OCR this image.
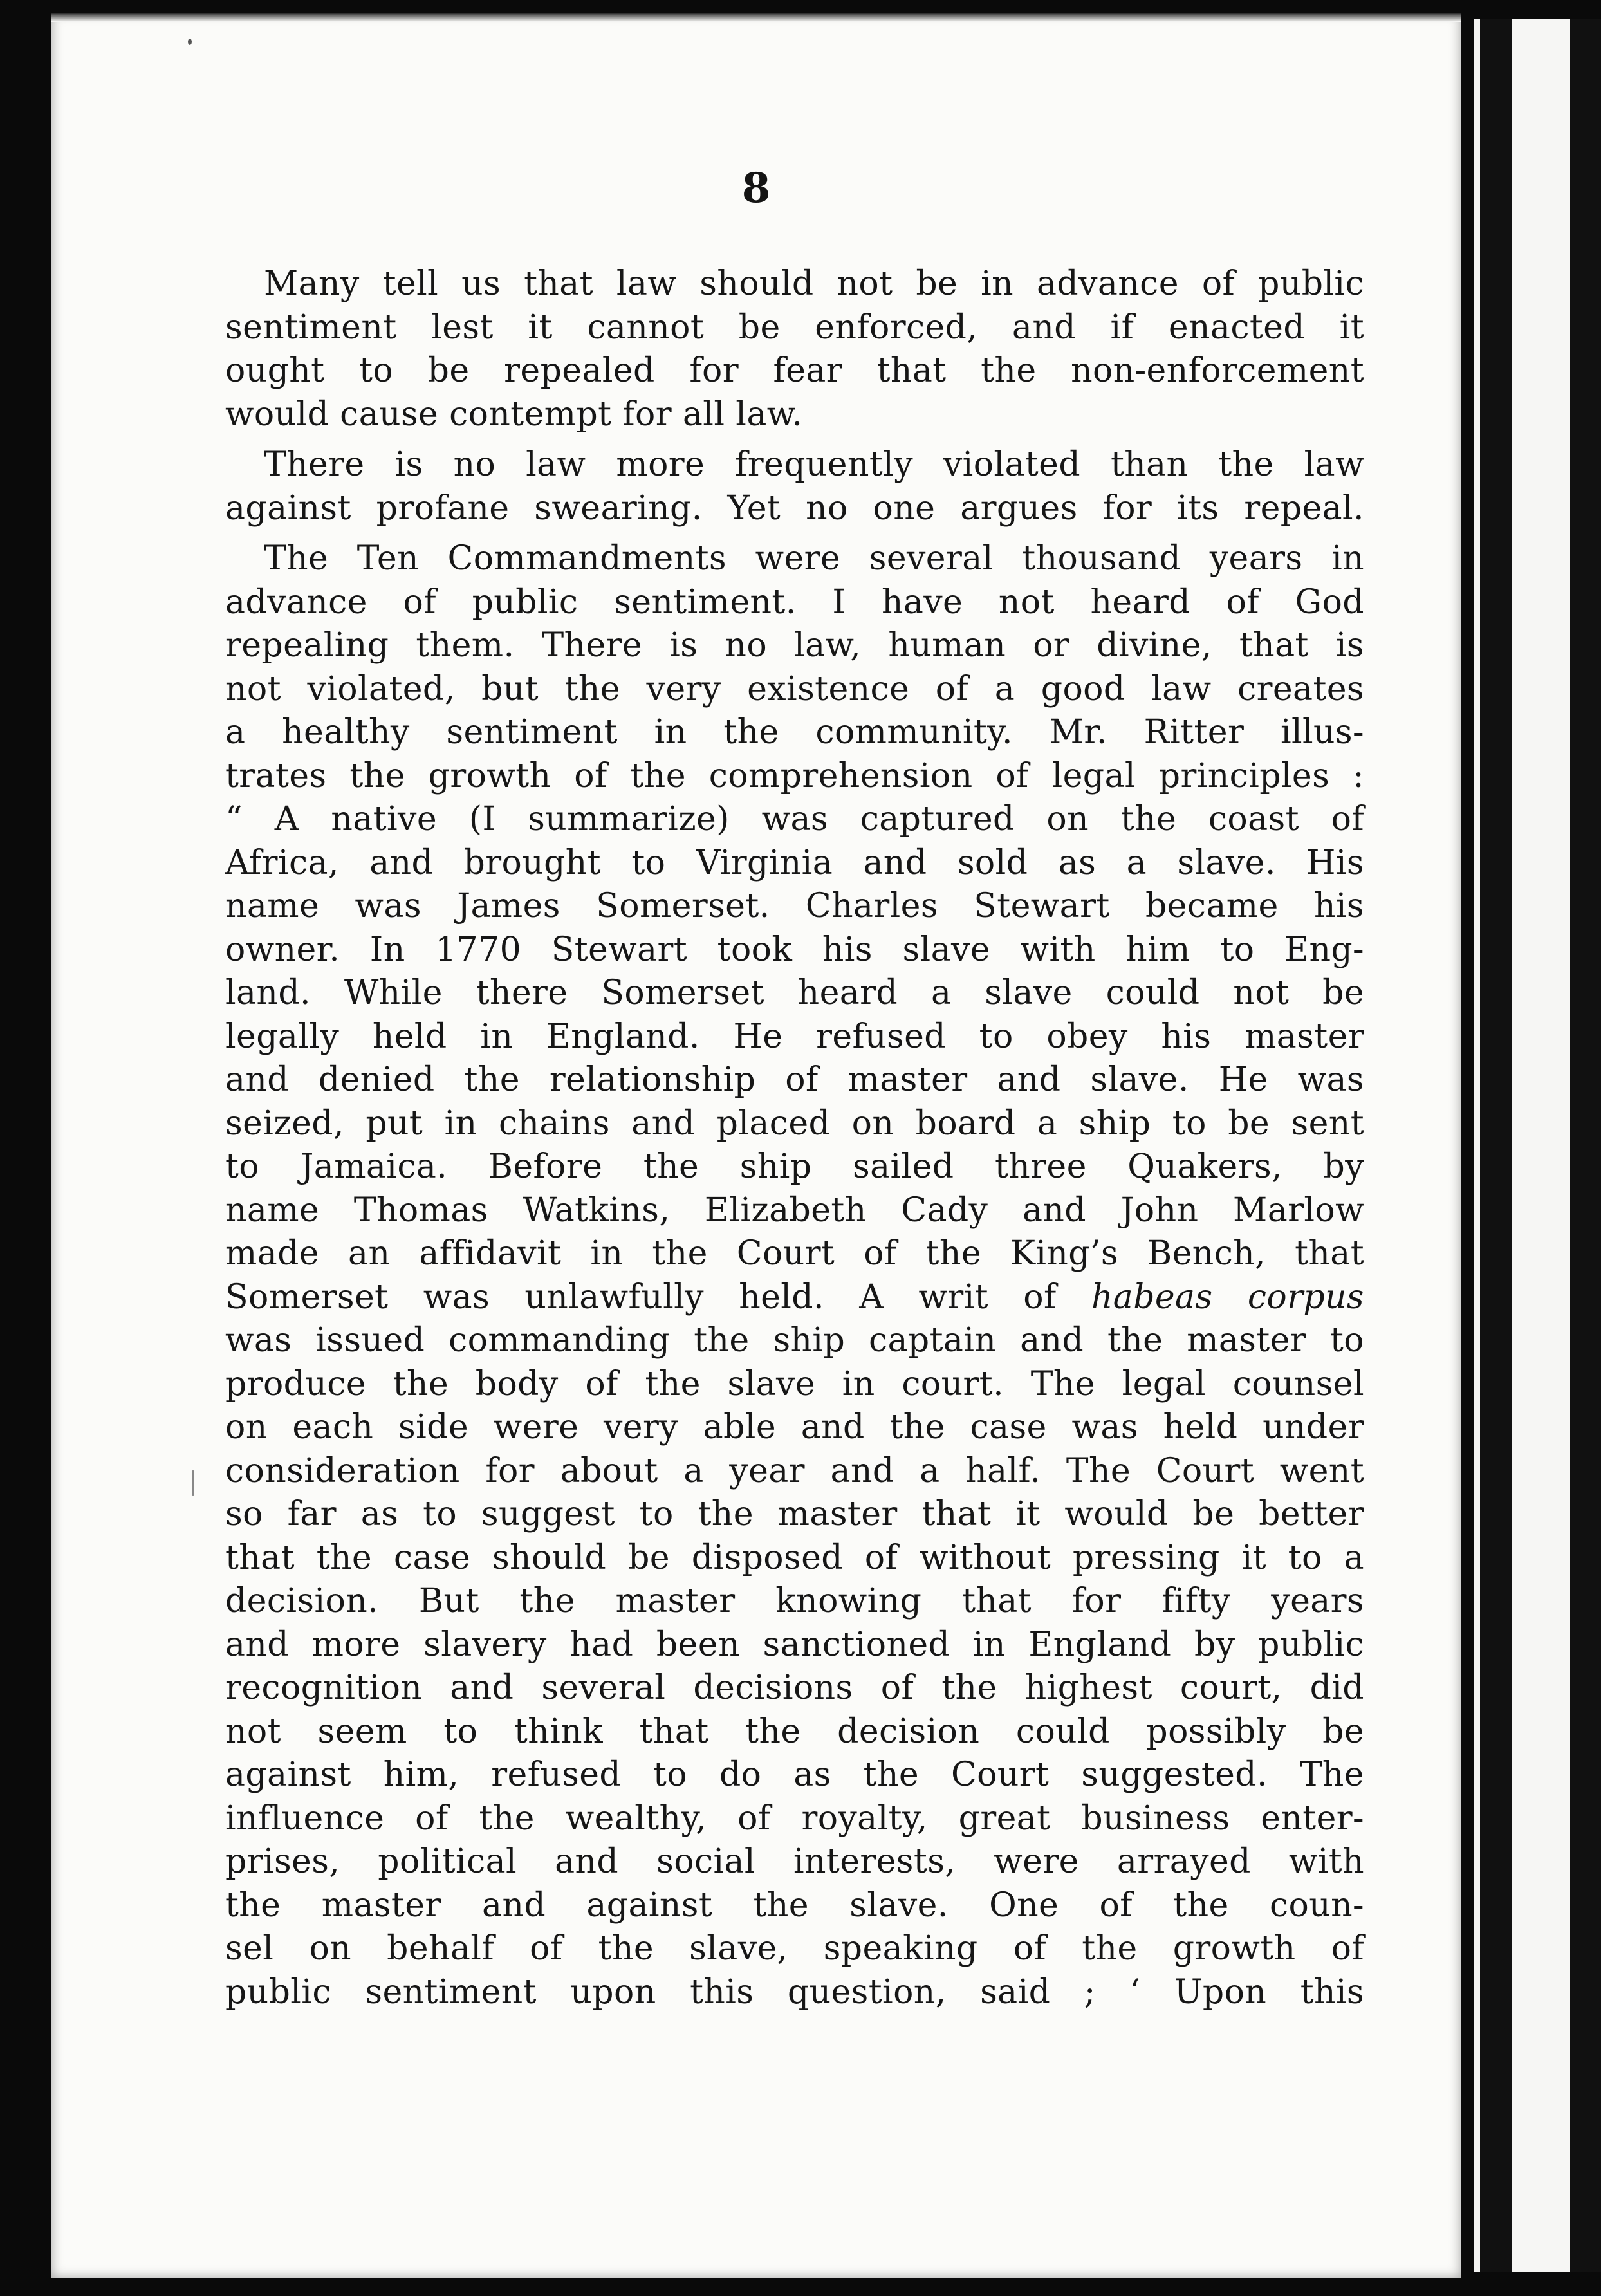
8

Many tell us that law should not be in advance of public
sentiment lest it cannot be enforced, and if enacted it
ought to be repealed for fear that the non-enforcement
would cause contempt for all law.

There is no law more frequently violated than the law
against profane swearing. Yet no one argues for its repeal.

The Ten Commandments were several thousand years in
advance of public sentiment. I have not heard of God
repealing them. There is no law, human or divine, that is
not violated, but the very existence of a good law creates
a healthy sentiment in the community. Mr. Ritter illus-
trates the growth of the comprehension of legal principles :
“ A native (I summarize) was captured on the coast of
Africa, and brought to Virginia and sold as a slave. His
name was James Somerset. Charles Stewart became his
owner. In 1770 Stewart took his slave with him to Eng-
land. While there Somerset heard a slave could not be
legally held in England. He refused to obey his master
and denied the relationship of master and slave. He was
seized, put in chains and placed on board a ship to be sent
to Jamaica. Before the ship sailed three Quakers, by
name Thomas Watkins, Elizabeth Cady and John Marlow
made an affidavit in the Court of the King’s Bench, that
Somerset was unlawfully held. A writ of habeas corpus
was issued commanding the ship captain and the master to
produce the body of the slave in court. The legal counsel
on each side were very able and the case was held under
consideration for about a year and a half. The Court went
so far as to suggest to the master that it would be better
that the case should be disposed of without pressing it to a
decision. But the master knowing that for fifty years
and more slavery had been sanctioned in England by public
recognition and several decisions of the highest court, did
not seem to think that the decision could possibly be
against him, refused to do as the Court suggested. The
influence of the wealthy, of royalty, great business enter-
prises, political and social interests, were arrayed with
the master and against the slave. One of the coun-
sel on behalf of the slave, speaking of the growth of
public sentiment upon this question, said ; ‘ Upon this
